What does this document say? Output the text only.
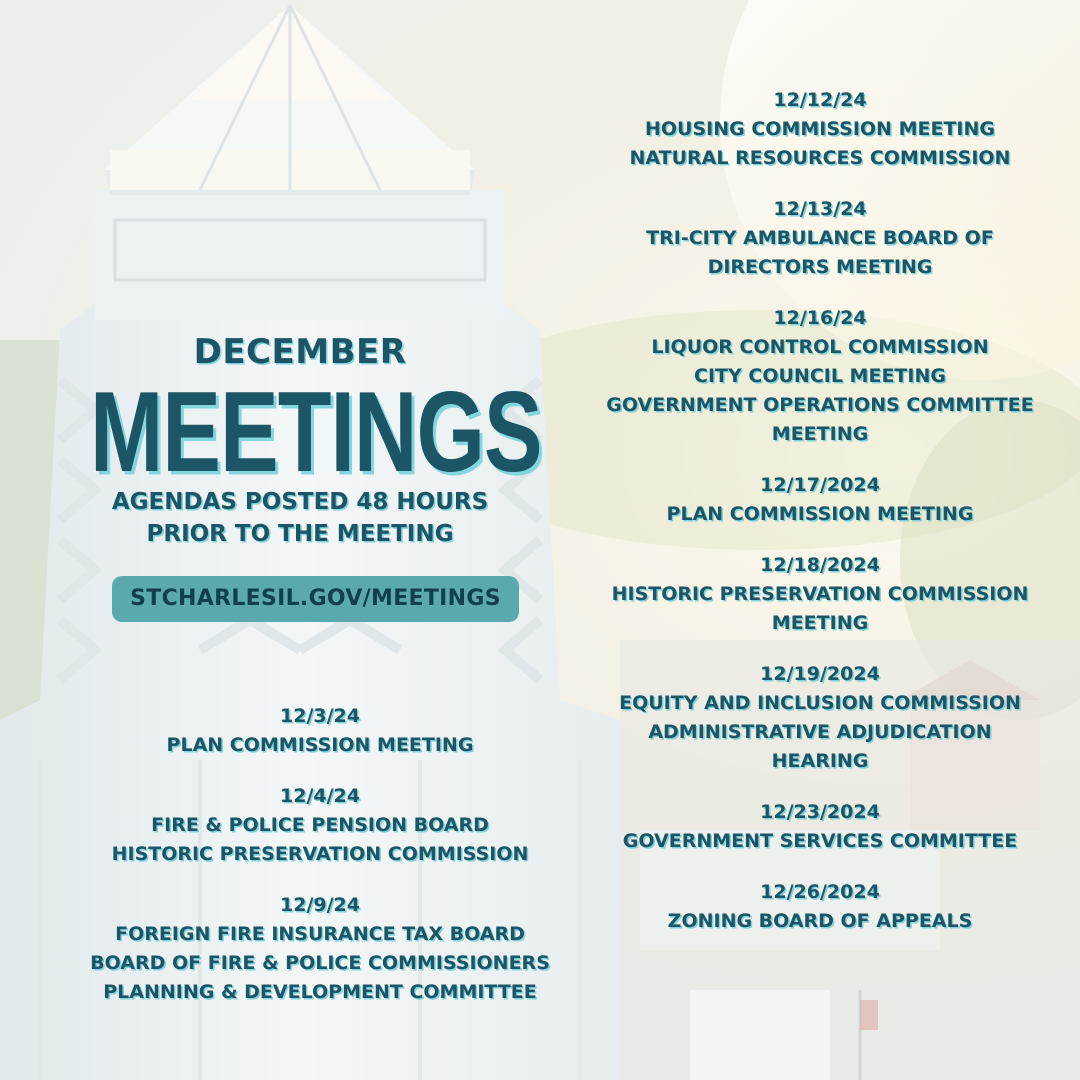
DECEMBER
MEETINGS
AGENDAS POSTED 48 HOURS
PRIOR TO THE MEETING
STCHARLESIL.GOV/MEETINGS
12/3/24
PLAN COMMISSION MEETING
12/4/24
FIRE & POLICE PENSION BOARD
HISTORIC PRESERVATION COMMISSION
12/9/24
FOREIGN FIRE INSURANCE TAX BOARD
BOARD OF FIRE & POLICE COMMISSIONERS
PLANNING & DEVELOPMENT COMMITTEE
12/12/24
HOUSING COMMISSION MEETING
NATURAL RESOURCES COMMISSION
12/13/24
TRI-CITY AMBULANCE BOARD OF
DIRECTORS MEETING
12/16/24
LIQUOR CONTROL COMMISSION
CITY COUNCIL MEETING
GOVERNMENT OPERATIONS COMMITTEE
MEETING
12/17/2024
PLAN COMMISSION MEETING
12/18/2024
HISTORIC PRESERVATION COMMISSION
MEETING
12/19/2024
EQUITY AND INCLUSION COMMISSION
ADMINISTRATIVE ADJUDICATION
HEARING
12/23/2024
GOVERNMENT SERVICES COMMITTEE
12/26/2024
ZONING BOARD OF APPEALS
